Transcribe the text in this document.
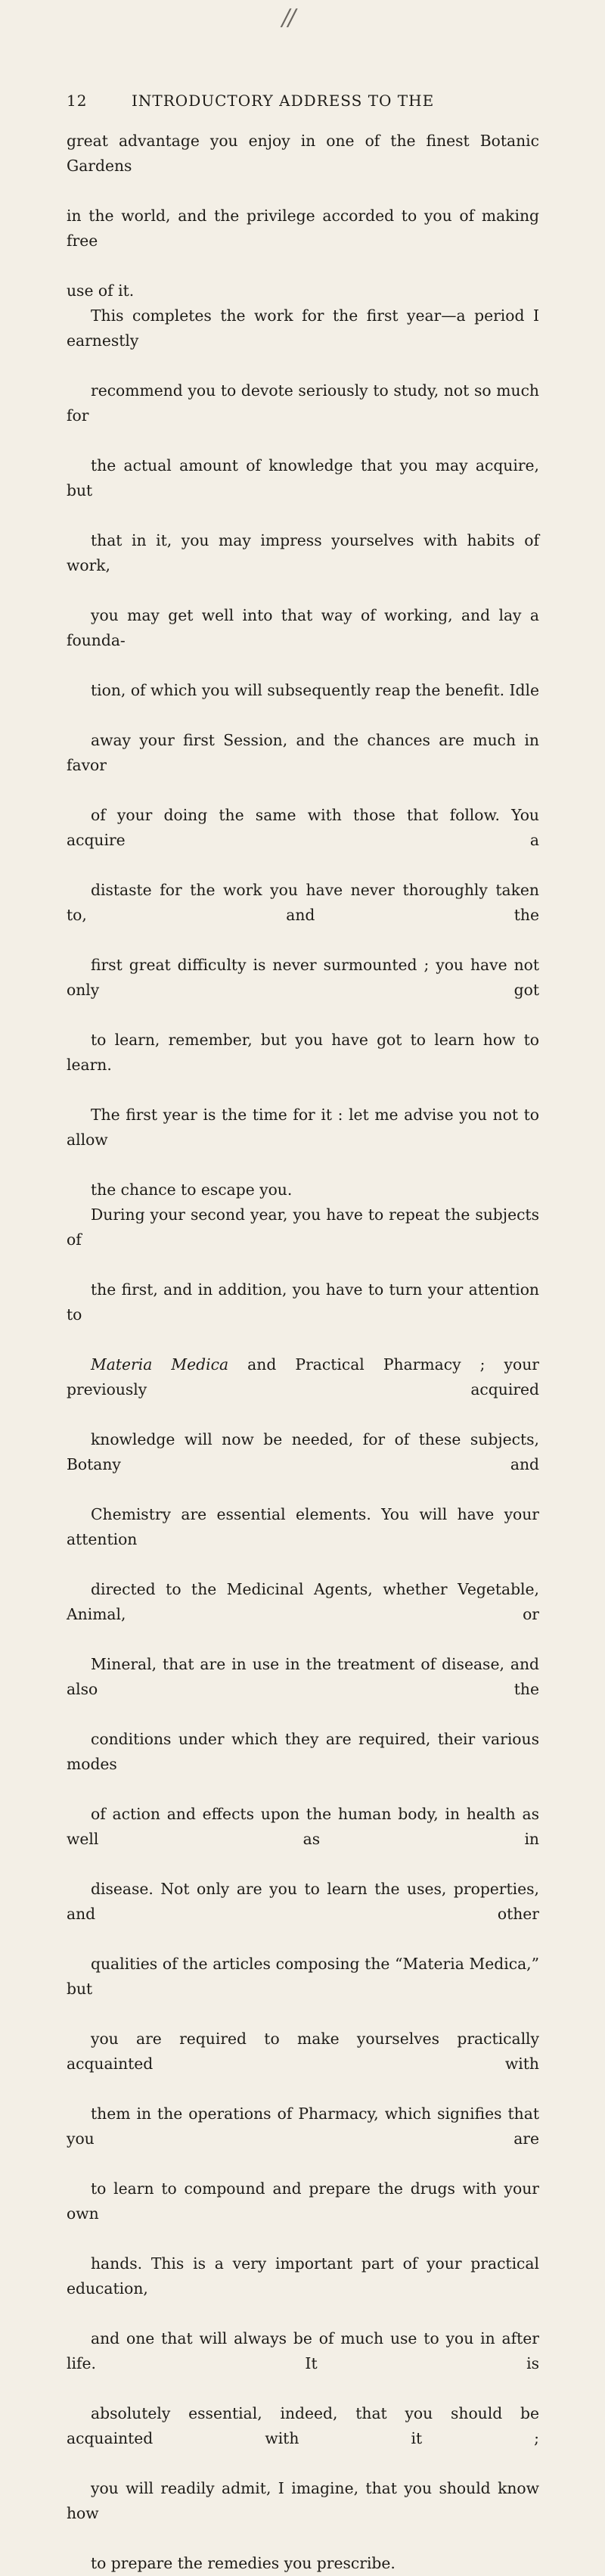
//
12	INTRODUCTORY ADDRESS TO THE

great advantage you enjoy in one of the finest Botanic Gardens
in the world, and the privilege accorded to you of making free
use of it.

This completes the work for the first year—a period I earnestly
recommend you to devote seriously to study, not so much for
the actual amount of knowledge that you may acquire, but
that in it, you may impress yourselves with habits of work,
you may get well into that way of working, and lay a founda-
tion, of which you will subsequently reap the benefit. Idle
away your first Session, and the chances are much in favor
of your doing the same with those that follow. You acquire a
distaste for the work you have never thoroughly taken to, and the
first great difficulty is never surmounted ; you have not only got
to learn, remember, but you have got to learn how to learn.
The first year is the time for it : let me advise you not to allow
the chance to escape you.

During your second year, you have to repeat the subjects of
the first, and in addition, you have to turn your attention to
Materia Medica and Practical Pharmacy ; your previously acquired
knowledge will now be needed, for of these subjects, Botany and
Chemistry are essential elements. You will have your attention
directed to the Medicinal Agents, whether Vegetable, Animal, or
Mineral, that are in use in the treatment of disease, and also the
conditions under which they are required, their various modes
of action and effects upon the human body, in health as well as in
disease. Not only are you to learn the uses, properties, and other
qualities of the articles composing the “Materia Medica,” but
you are required to make yourselves practically acquainted with
them in the operations of Pharmacy, which signifies that you are
to learn to compound and prepare the drugs with your own
hands. This is a very important part of your practical education,
and one that will always be of much use to you in after life. It is
absolutely essential, indeed, that you should be acquainted with it ;
you will readily admit, I imagine, that you should know how
to prepare the remedies you prescribe.
